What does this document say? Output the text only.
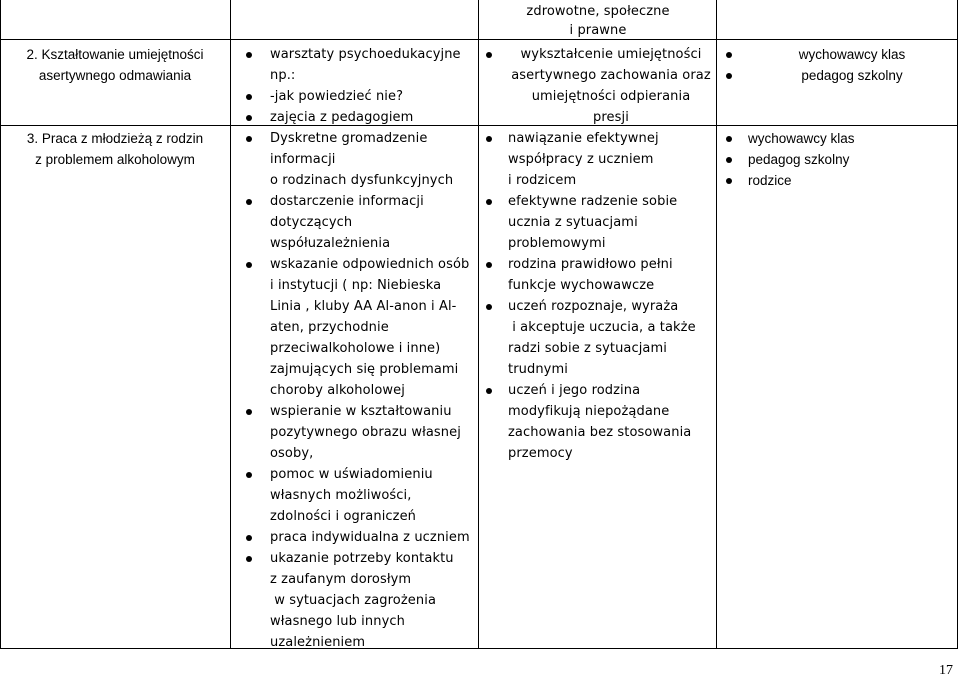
zdrowotne, społeczne
i prawne
2. Kształtowanie umiejętności
asertywnego odmawiania
warsztaty psychoedukacyjne
np.:
-jak powiedzieć nie?
zajęcia z pedagogiem
wykształcenie umiejętności
asertywnego zachowania oraz
umiejętności odpierania
presji
wychowawcy klas
pedagog szkolny
3. Praca z młodzieżą z rodzin
z problemem alkoholowym
Dyskretne gromadzenie
informacji
o rodzinach dysfunkcyjnych
dostarczenie informacji
dotyczących
współuzależnienia
wskazanie odpowiednich osób
i instytucji ( np: Niebieska
Linia , kluby AA Al-anon i Al-
aten, przychodnie
przeciwalkoholowe i inne)
zajmujących się problemami
choroby alkoholowej
wspieranie w kształtowaniu
pozytywnego obrazu własnej
osoby,
pomoc w uświadomieniu
własnych możliwości,
zdolności i ograniczeń
praca indywidualna z uczniem
ukazanie potrzeby kontaktu
z zaufanym dorosłym
w sytuacjach zagrożenia
własnego lub innych
uzależnieniem
nawiązanie efektywnej
współpracy z uczniem
i rodzicem
efektywne radzenie sobie
ucznia z sytuacjami
problemowymi
rodzina prawidłowo pełni
funkcje wychowawcze
uczeń rozpoznaje, wyraża
i akceptuje uczucia, a także
radzi sobie z sytuacjami
trudnymi
uczeń i jego rodzina
modyfikują niepożądane
zachowania bez stosowania
przemocy
wychowawcy klas
pedagog szkolny
rodzice
17
